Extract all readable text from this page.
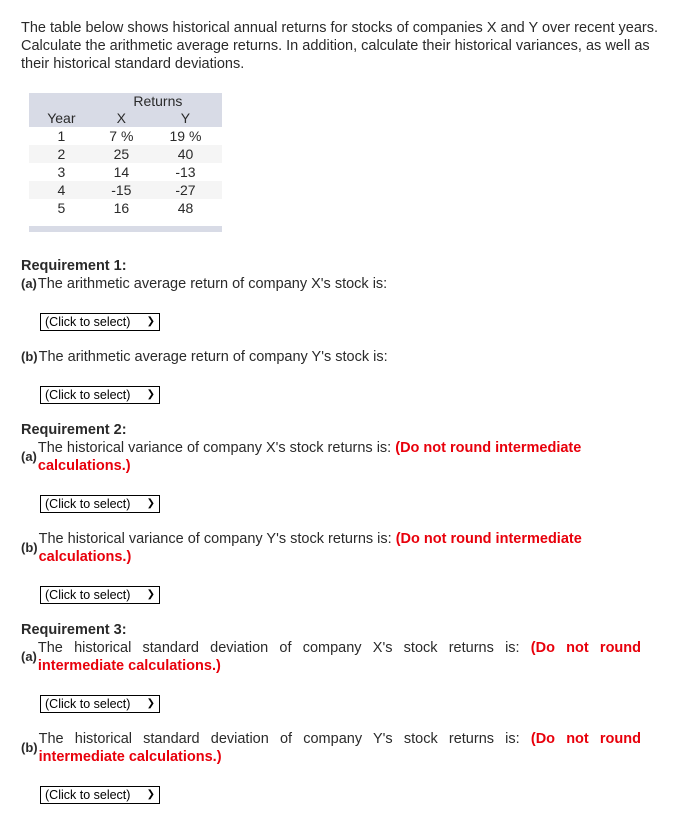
The table below shows historical annual returns for stocks of companies X and Y over recent years. Calculate the arithmetic average returns. In addition, calculate their historical variances, as well as their historical standard deviations.
	Returns	
Year	X	Y
1	7 %	19 %
2	25	40
3	14	-13
4	-15	-27
5	16	48
Requirement 1:
(a) The arithmetic average return of company X's stock is:
(Click to select) ❯
(b) The arithmetic average return of company Y's stock is:
(Click to select) ❯
Requirement 2:
(a)
The historical variance of company X's stock returns is: (Do not round intermediate calculations.)
(Click to select) ❯
(b)
The historical variance of company Y's stock returns is: (Do not round intermediate calculations.)
(Click to select) ❯
Requirement 3:
(a)
The historical standard deviation of company X's stock returns is: (Do not round intermediate calculations.)
(Click to select) ❯
(b)
The historical standard deviation of company Y's stock returns is: (Do not round intermediate calculations.)
(Click to select) ❯
